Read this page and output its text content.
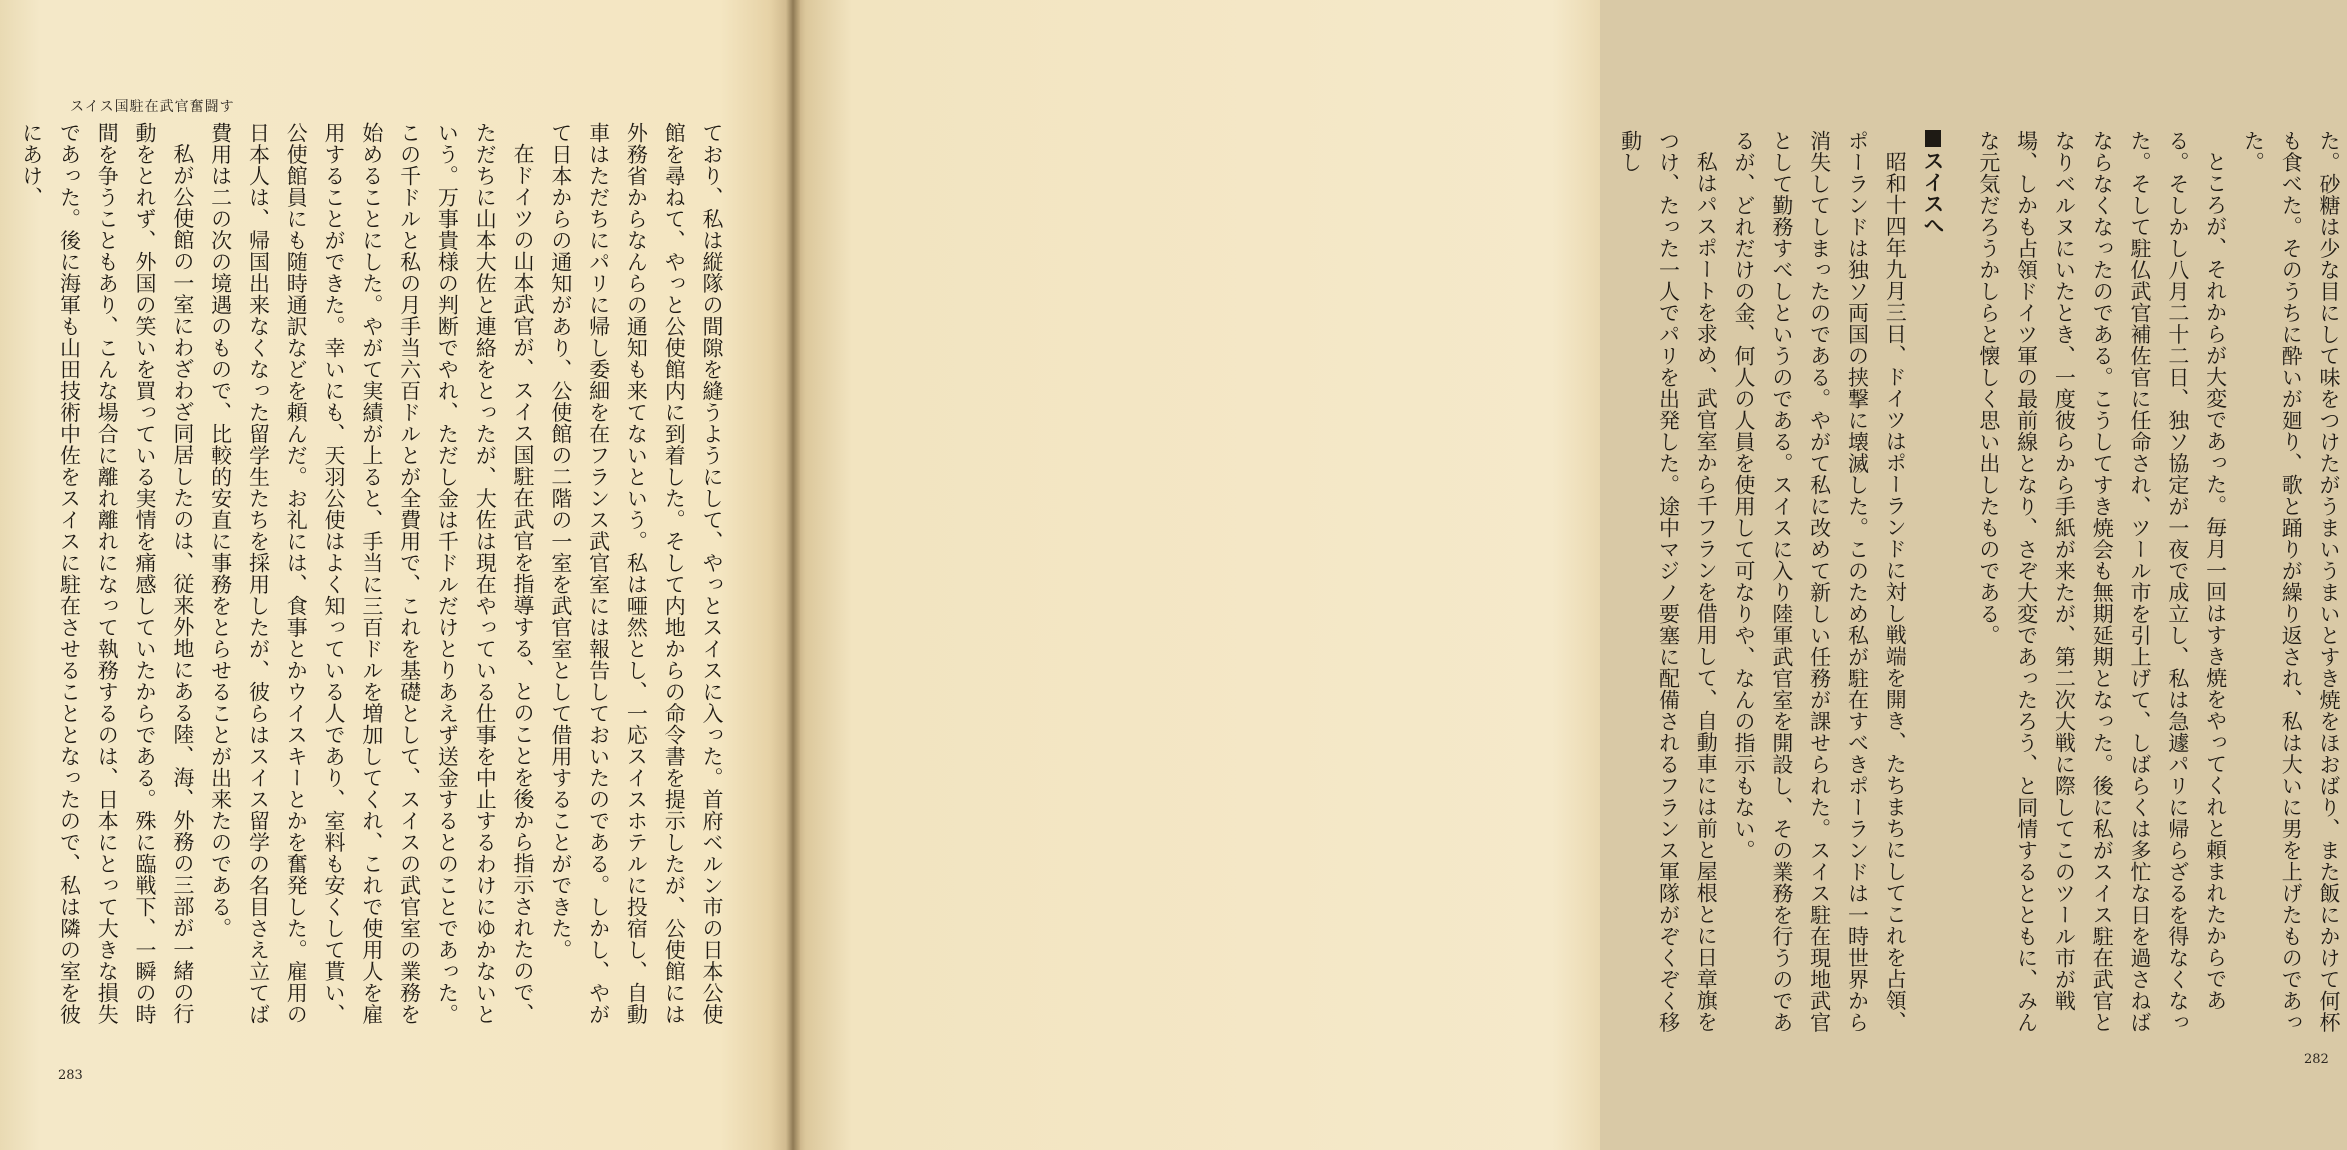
スイス国駐在武官奮闘す

ており、私は縦隊の間隙を縫うようにして、やっとスイスに入った。首府ベルン市の日本公使館を尋ねて、やっと公使館内に到着した。そして内地からの命令書を提示したが、公使館には外務省からなんらの通知も来てないという。私は唖然とし、一応スイスホテルに投宿し、自動車はただちにパリに帰し委細を在フランス武官室には報告しておいたのである。しかし、やがて日本からの通知があり、公使館の二階の一室を武官室として借用することができた。

在ドイツの山本武官が、スイス国駐在武官を指導する、とのことを後から指示されたので、ただちに山本大佐と連絡をとったが、大佐は現在やっている仕事を中止するわけにゆかないという。万事貴様の判断でやれ、ただし金は千ドルだけとりあえず送金するとのことであった。この千ドルと私の月手当六百ドルとが全費用で、これを基礎として、スイスの武官室の業務を始めることにした。やがて実績が上ると、手当に三百ドルを増加してくれ、これで使用人を雇用することができた。幸いにも、天羽公使はよく知っている人であり、室料も安くして貰い、公使館員にも随時通訳などを頼んだ。お礼には、食事とかウイスキーとかを奮発した。雇用の日本人は、帰国出来なくなった留学生たちを採用したが、彼らはスイス留学の名目さえ立てば費用は二の次の境遇のもので、比較的安直に事務をとらせることが出来たのである。

私が公使館の一室にわざわざ同居したのは、従来外地にある陸、海、外務の三部が一緒の行動をとれず、外国の笑いを買っている実情を痛感していたからである。殊に臨戦下、一瞬の時間を争うこともあり、こんな場合に離れ離れになって執務するのは、日本にとって大きな損失であった。後に海軍も山田技術中佐をスイスに駐在させることとなったので、私は隣の室を彼にあけ、

283

た。砂糖は少な目にして味をつけたがうまいうまいとすき焼をほおばり、また飯にかけて何杯も食べた。そのうちに酔いが廻り、歌と踊りが繰り返され、私は大いに男を上げたものであった。

ところが、それからが大変であった。毎月一回はすき焼をやってくれと頼まれたからである。そしかし八月二十二日、独ソ協定が一夜で成立し、私は急遽パリに帰らざるを得なくなった。そして駐仏武官補佐官に任命され、ツール市を引上げて、しばらくは多忙な日を過さねばならなくなったのである。こうしてすき焼会も無期延期となった。後に私がスイス駐在武官となりベルヌにいたとき、一度彼らから手紙が来たが、第二次大戦に際してこのツール市が戦場、しかも占領ドイツ軍の最前線となり、さぞ大変であったろう、と同情するとともに、みんな元気だろうかしらと懐しく思い出したものである。

スイスへ

昭和十四年九月三日、ドイツはポーランドに対し戦端を開き、たちまちにしてこれを占領、ポーランドは独ソ両国の挟撃に壊滅した。このため私が駐在すべきポーランドは一時世界から消失してしまったのである。やがて私に改めて新しい任務が課せられた。スイス駐在現地武官として勤務すべしというのである。スイスに入り陸軍武官室を開設し、その業務を行うのであるが、どれだけの金、何人の人員を使用して可なりや、なんの指示もない。

私はパスポートを求め、武官室から千フランを借用して、自動車には前と屋根とに日章旗をつけ、たった一人でパリを出発した。途中マジノ要塞に配備されるフランス軍隊がぞくぞく移動し

282
